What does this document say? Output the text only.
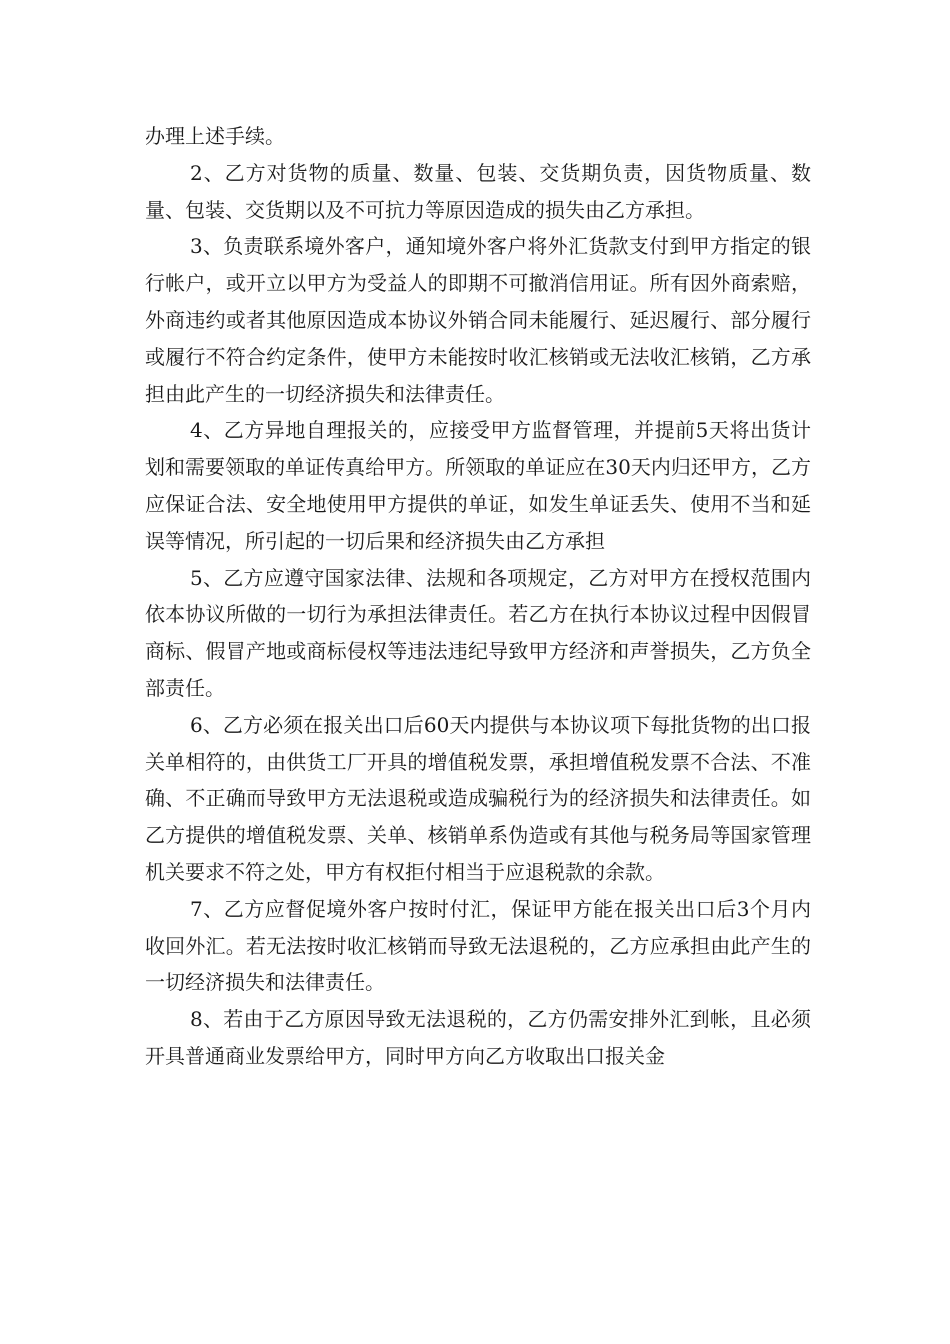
办理上述手续。

2、乙方对货物的质量、数量、包装、交货期负责，因货物质量、数量、包装、交货期以及不可抗力等原因造成的损失由乙方承担。

3、负责联系境外客户，通知境外客户将外汇货款支付到甲方指定的银行帐户，或开立以甲方为受益人的即期不可撤消信用证。所有因外商索赔，外商违约或者其他原因造成本协议外销合同未能履行、延迟履行、部分履行或履行不符合约定条件，使甲方未能按时收汇核销或无法收汇核销，乙方承担由此产生的一切经济损失和法律责任。

4、乙方异地自理报关的，应接受甲方监督管理，并提前5天将出货计划和需要领取的单证传真给甲方。所领取的单证应在30天内归还甲方，乙方应保证合法、安全地使用甲方提供的单证，如发生单证丢失、使用不当和延误等情况，所引起的一切后果和经济损失由乙方承担

5、乙方应遵守国家法律、法规和各项规定，乙方对甲方在授权范围内依本协议所做的一切行为承担法律责任。若乙方在执行本协议过程中因假冒商标、假冒产地或商标侵权等违法违纪导致甲方经济和声誉损失，乙方负全部责任。

6、乙方必须在报关出口后60天内提供与本协议项下每批货物的出口报关单相符的，由供货工厂开具的增值税发票，承担增值税发票不合法、不准确、不正确而导致甲方无法退税或造成骗税行为的经济损失和法律责任。如乙方提供的增值税发票、关单、核销单系伪造或有其他与税务局等国家管理机关要求不符之处，甲方有权拒付相当于应退税款的余款。

7、乙方应督促境外客户按时付汇，保证甲方能在报关出口后3个月内收回外汇。若无法按时收汇核销而导致无法退税的，乙方应承担由此产生的一切经济损失和法律责任。

8、若由于乙方原因导致无法退税的，乙方仍需安排外汇到帐，且必须开具普通商业发票给甲方，同时甲方向乙方收取出口报关金
